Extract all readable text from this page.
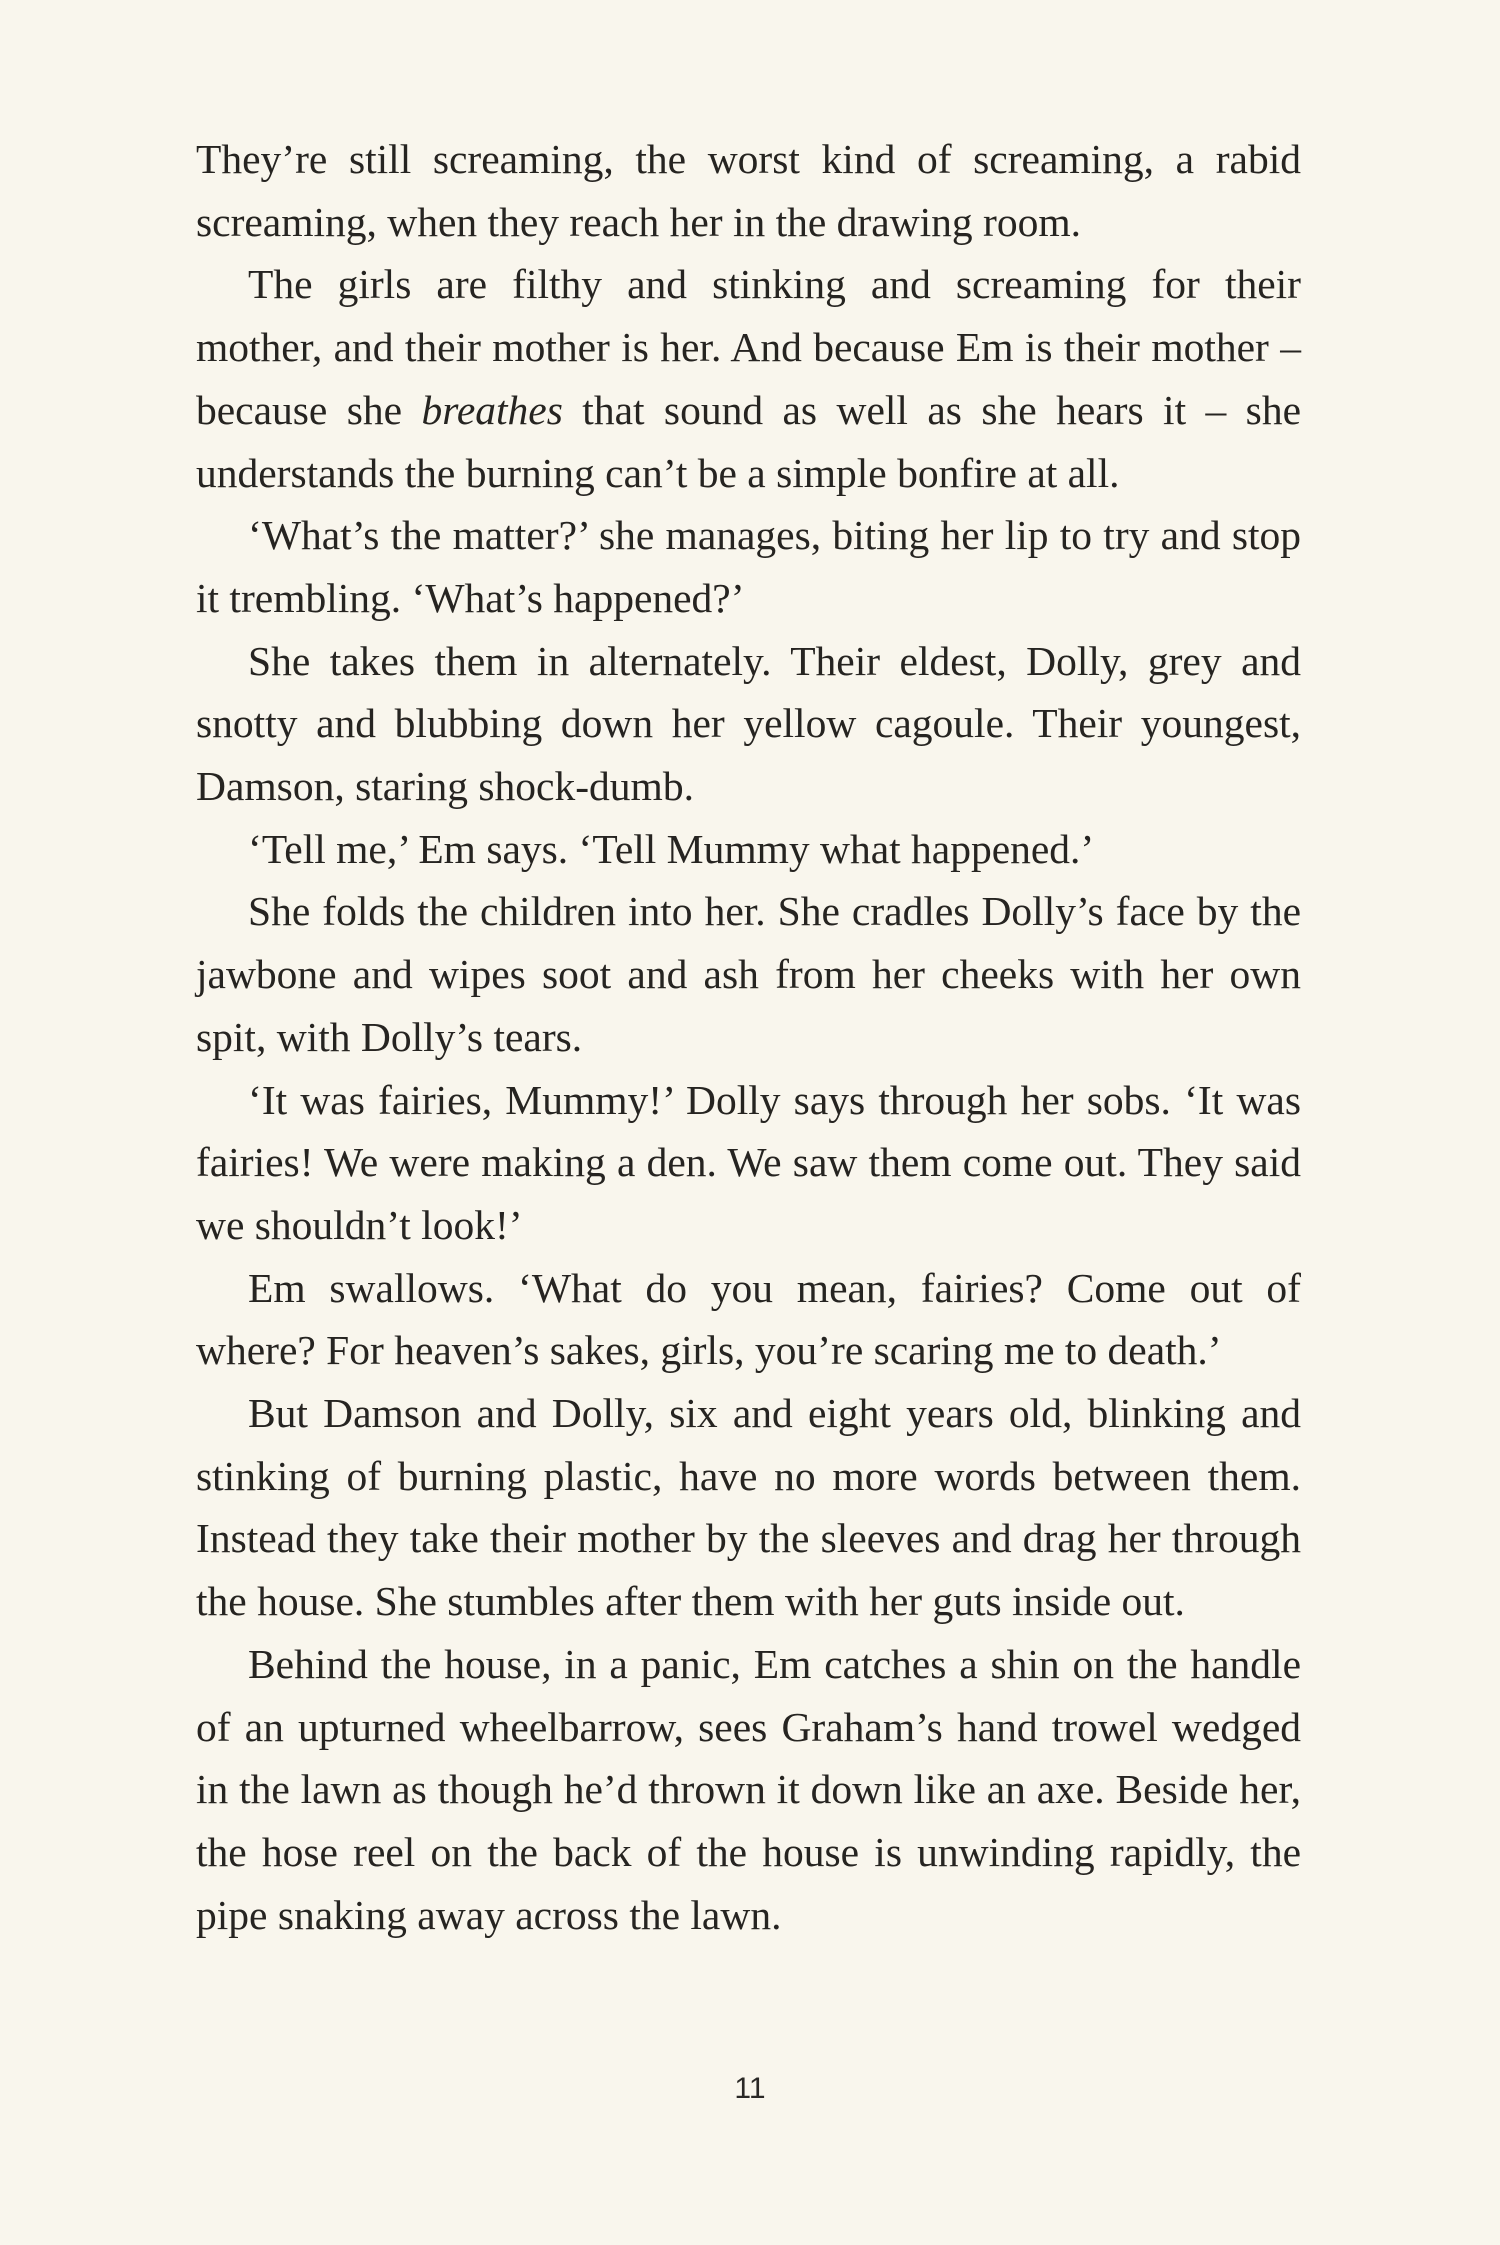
They’re still screaming, the worst kind of screaming, a rabid screaming, when they reach her in the drawing room.

The girls are filthy and stinking and screaming for their mother, and their mother is her. And because Em is their mother – because she breathes that sound as well as she hears it – she understands the burning can’t be a simple bonfire at all.

‘What’s the matter?’ she manages, biting her lip to try and stop it trembling. ‘What’s happened?’

She takes them in alternately. Their eldest, Dolly, grey and snotty and blubbing down her yellow cagoule. Their youngest, Damson, staring shock-dumb.

‘Tell me,’ Em says. ‘Tell Mummy what happened.’

She folds the children into her. She cradles Dolly’s face by the jawbone and wipes soot and ash from her cheeks with her own spit, with Dolly’s tears.

‘It was fairies, Mummy!’ Dolly says through her sobs. ‘It was fairies! We were making a den. We saw them come out. They said we shouldn’t look!’

Em swallows. ‘What do you mean, fairies? Come out of where? For heaven’s sakes, girls, you’re scaring me to death.’

But Damson and Dolly, six and eight years old, blinking and stinking of burning plastic, have no more words between them. Instead they take their mother by the sleeves and drag her through the house. She stumbles after them with her guts inside out.

Behind the house, in a panic, Em catches a shin on the handle of an upturned wheelbarrow, sees Graham’s hand trowel wedged in the lawn as though he’d thrown it down like an axe. Beside her, the hose reel on the back of the house is unwinding rapidly, the pipe snaking away across the lawn.

11
